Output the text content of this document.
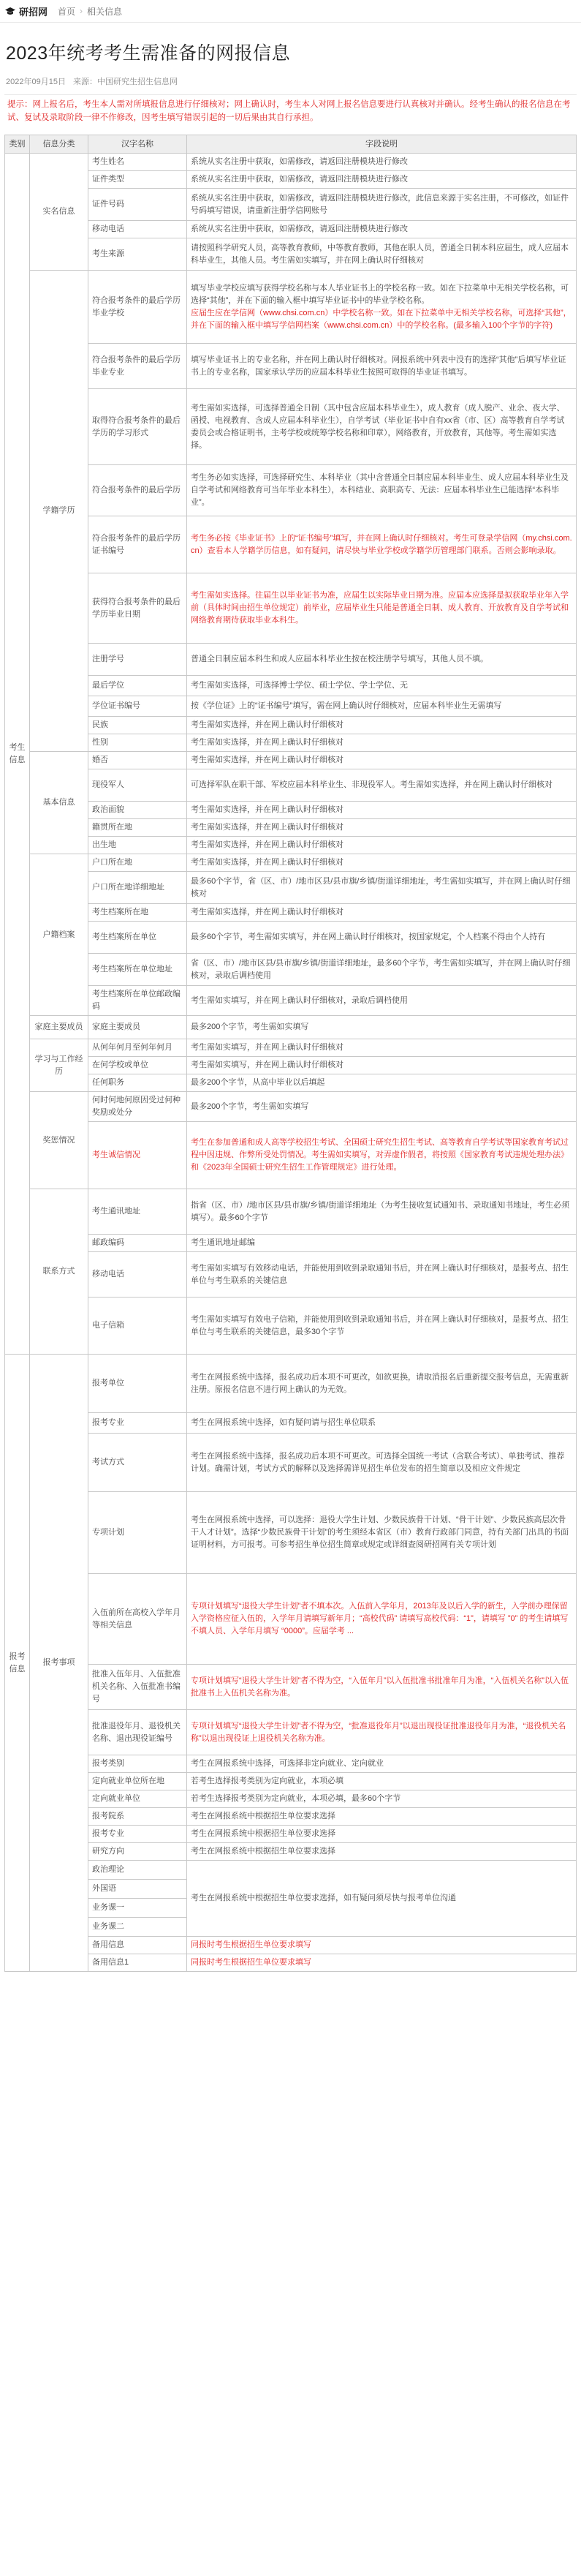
研招网 首页 › 相关信息
2023年统考考生需准备的网报信息
2022年09月15日 来源：中国研究生招生信息网
提示：网上报名后，考生本人需对所填报信息进行仔细核对；网上确认时，考生本人对网上报名信息要进行认真核对并确认。经考生确认的报名信息在考试、复试及录取阶段一律不作修改，因考生填写错误引起的一切后果由其自行承担。
类别	信息分类	汉字名称	字段说明
考生信息	实名信息	考生姓名	系统从实名注册中获取，如需修改，请返回注册模块进行修改
		证件类型	系统从实名注册中获取，如需修改，请返回注册模块进行修改
		证件号码	系统从实名注册中获取，如需修改，请返回注册模块进行修改，此信息来源于实名注册，不可修改，如证件号码填写错误，请重新注册学信网账号
		移动电话	系统从实名注册中获取，如需修改，请返回注册模块进行修改
		考生来源	请按照科学研究人员，高等教育教师，中等教育教师，其他在职人员，普通全日制本科应届生，成人应届本科毕业生，其他人员。考生需如实填写，并在网上确认时仔细核对
	学籍学历	符合报考条件的最后学历毕业学校	填写毕业学校应填写获得学校名称与本人毕业证书上的学校名称一致。如在下拉菜单中无相关学校名称，可选择“其他”，并在下面的输入框中填写毕业证书中的毕业学校名称。
应届生应在学信网（www.chsi.com.cn）中学校名称一致。如在下拉菜单中无相关学校名称，可选择“其他”，并在下面的输入框中填写学信网档案（www.chsi.com.cn）中的学校名称。(最多输入100个字节的字符)
		符合报考条件的最后学历毕业专业	填写毕业证书上的专业名称，并在网上确认时仔细核对。网报系统中列表中没有的选择“其他”后填写毕业证书上的专业名称，国家承认学历的应届本科毕业生按照可取得的毕业证书填写。
		取得符合报考条件的最后学历的学习形式	考生需如实选择，可选择普通全日制（其中包含应届本科毕业生），成人教育（成人脱产、业余、夜大学、函授、电视教育、含成人应届本科毕业生），自学考试（毕业证书中自有xx省（市、区）高等教育自学考试委员会或合格证明书，主考学校或统筹学校名称和印章），网络教育，开放教育，其他等。考生需如实选择。
		符合报考条件的最后学历	考生务必如实选择，可选择研究生、本科毕业（其中含普通全日制应届本科毕业生、成人应届本科毕业生及自学考试和网络教育可当年毕业本科生），本科结业、高职高专、无法：应届本科毕业生已能选择“本科毕业”。
		符合报考条件的最后学历证书编号	考生务必按《毕业证书》上的“证书编号”填写，并在网上确认时仔细核对。考生可登录学信网（my.chsi.com.cn）查看本人学籍学历信息，如有疑问，请尽快与毕业学校或学籍学历管理部门联系。否则会影响录取。
		获得符合报考条件的最后学历毕业日期	考生需如实选择。往届生以毕业证书为准，应届生以实际毕业日期为准。应届本应选择是拟获取毕业年入学前（具体时间由招生单位规定）前毕业，应届毕业生只能是普通全日制、成人教育、开放教育及自学考试和网络教育期待获取毕业本科生。
		注册学号	普通全日制应届本科生和成人应届本科毕业生按在校注册学号填写，其他人员不填。
		最后学位	考生需如实选择，可选择博士学位、硕士学位、学士学位、无
		学位证书编号	按《学位证》上的“证书编号”填写，需在网上确认时仔细核对，应届本科毕业生无需填写
		民族	考生需如实选择，并在网上确认时仔细核对
		性别	考生需如实选择，并在网上确认时仔细核对
	基本信息	婚否	考生需如实选择，并在网上确认时仔细核对
		现役军人	可选择军队在职干部、军校应届本科毕业生、非现役军人。考生需如实选择，并在网上确认时仔细核对
		政治面貌	考生需如实选择，并在网上确认时仔细核对
		籍贯所在地	考生需如实选择，并在网上确认时仔细核对
		出生地	考生需如实选择，并在网上确认时仔细核对
	户籍档案	户口所在地	考生需如实选择，并在网上确认时仔细核对
		户口所在地详细地址	最多60个字节，省（区、市）/地市区县/县市旗/乡镇/街道详细地址，考生需如实填写，并在网上确认时仔细核对
		考生档案所在地	考生需如实选择，并在网上确认时仔细核对
		考生档案所在单位	最多60个字节，考生需如实填写，并在网上确认时仔细核对，按国家规定，个人档案不得由个人持有
		考生档案所在单位地址	省（区、市）/地市区县/县市旗/乡镇/街道详细地址，最多60个字节，考生需如实填写，并在网上确认时仔细核对，录取后调档使用
		考生档案所在单位邮政编码	考生需如实填写，并在网上确认时仔细核对，录取后调档使用
	家庭主要成员	家庭主要成员	最多200个字节，考生需如实填写
	学习与工作经历	从何年何月至何年何月	考生需如实填写，并在网上确认时仔细核对
		在何学校或单位	考生需如实填写，并在网上确认时仔细核对
		任何职务	最多200个字节，从高中毕业以后填起
	奖惩情况	何时何地何原因受过何种奖励或处分	最多200个字节，考生需如实填写
		考生诚信情况	考生在参加普通和成人高等学校招生考试、全国硕士研究生招生考试、高等教育自学考试等国家教育考试过程中因违规、作弊所受处罚情况。考生需如实填写，对弄虚作假者，将按照《国家教育考试违规处理办法》和《2023年全国硕士研究生招生工作管理规定》进行处理。
	联系方式	考生通讯地址	指省（区、市）/地市区县/县市旗/乡镇/街道详细地址（为考生接收复试通知书、录取通知书地址，考生必须填写）。最多60个字节
		邮政编码	考生通讯地址邮编
		移动电话	考生需如实填写有效移动电话，并能使用到收到录取通知书后，并在网上确认时仔细核对，是报考点、招生单位与考生联系的关键信息
		电子信箱	考生需如实填写有效电子信箱，并能使用到收到录取通知书后，并在网上确认时仔细核对，是报考点、招生单位与考生联系的关键信息，最多30个字节
报考信息	报考事项	报考单位	考生在网报系统中选择，报名成功后本项不可更改，如欲更换，请取消报名后重新提交报考信息，无需重新注册。原报名信息不进行网上确认的为无效。
		报考专业	考生在网报系统中选择，如有疑问请与招生单位联系
		考试方式	考生在网报系统中选择，报名成功后本项不可更改。可选择全国统一考试（含联合考试）、单独考试、推荐计划。确需计划，考试方式的解释以及选择需详见招生单位发布的招生简章以及相应文件规定
		专项计划	考生在网报系统中选择，可以选择：退役大学生计划、少数民族骨干计划、“骨干计划”、少数民族高层次骨干人才计划”。选择“少数民族骨干计划”的考生须经本省区（市）教育行政部门同意，持有关部门出具的书面证明材料，方可报考。可参考招生单位招生简章或规定或详细查阅研招网有关专项计划
		入伍前所在高校入学年月等相关信息	专项计划填写“退役大学生计划”者不填本次。入伍前入学年月，2013年及以后入学的新生，入学前办理保留入学资格应征入伍的，入学年月请填写新年月；“高校代码” 请填写高校代码：“1”，请填写 ”0” 的考生请填写不填人员、入学年月填写 “0000”。应届学考 ...
		批准入伍年月、入伍批准机关名称、入伍批准书编号	专项计划填写“退役大学生计划”者不得为空，“入伍年月”以入伍批准书批准年月为准，“入伍机关名称”以入伍批准书上入伍机关名称为准。
		批准退役年月、退役机关名称、退出现役证编号	专项计划填写“退役大学生计划”者不得为空，“批准退役年月”以退出现役证批准退役年月为准，“退役机关名称”以退出现役证上退役机关名称为准。
		报考类别	考生在网报系统中选择，可选择非定向就业、定向就业
		定向就业单位所在地	若考生选择报考类别为定向就业，本项必填
		定向就业单位	若考生选择报考类别为定向就业，本项必填，最多60个字节
		报考院系	考生在网报系统中根据招生单位要求选择
		报考专业	考生在网报系统中根据招生单位要求选择
		研究方向	考生在网报系统中根据招生单位要求选择
		政治理论	考生在网报系统中根据招生单位要求选择，如有疑问须尽快与报考单位沟通
		外国语	
		业务课一	
		业务课二	
		备用信息	同报时考生根据招生单位要求填写
		备用信息1	同报时考生根据招生单位要求填写
